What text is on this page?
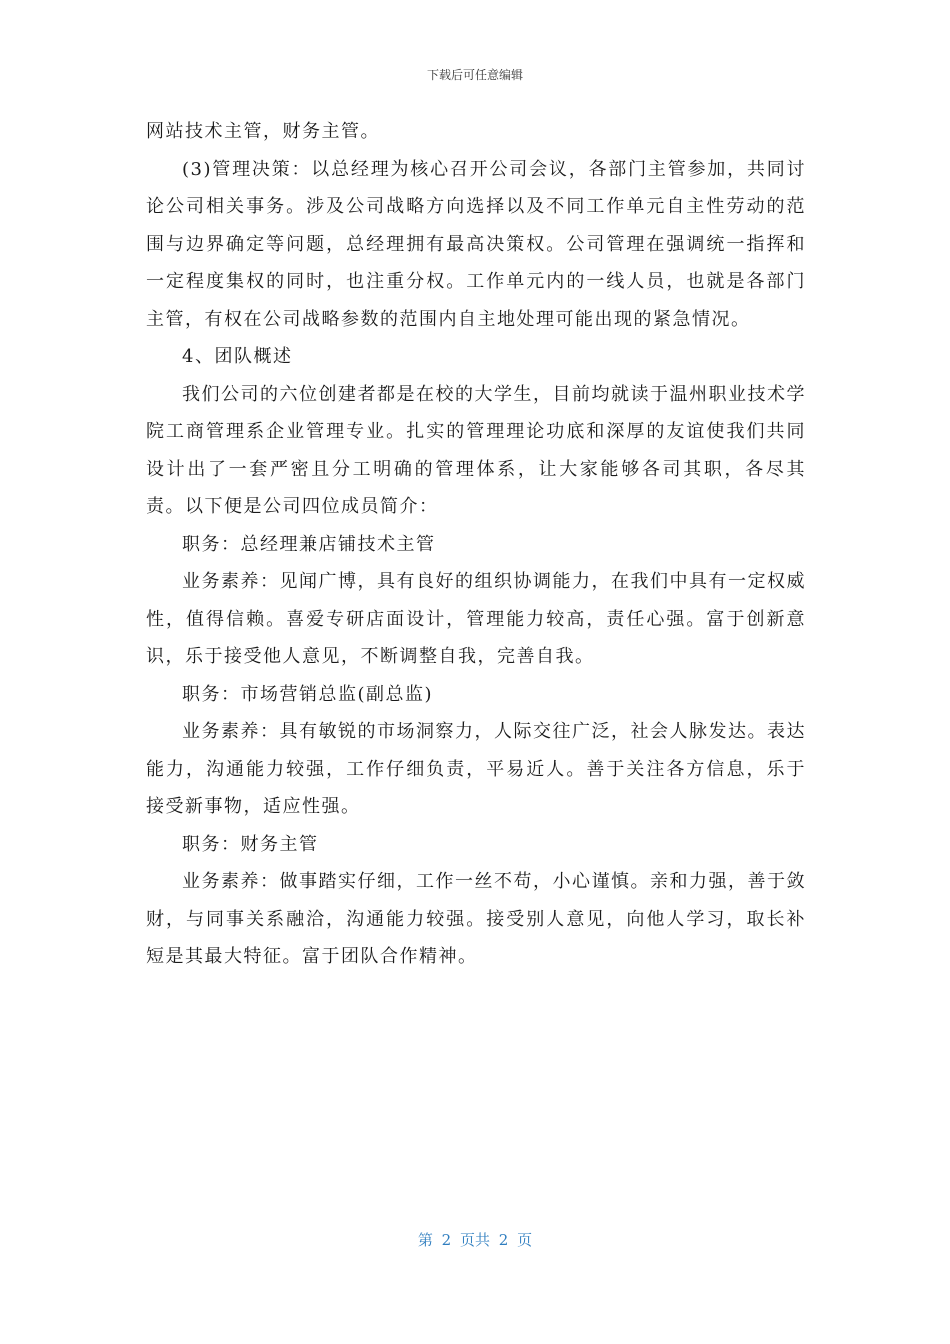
下载后可任意编辑

网站技术主管，财务主管。

(3)管理决策：以总经理为核心召开公司会议，各部门主管参加，共同讨论公司相关事务。涉及公司战略方向选择以及不同工作单元自主性劳动的范围与边界确定等问题，总经理拥有最高决策权。公司管理在强调统一指挥和一定程度集权的同时，也注重分权。工作单元内的一线人员，也就是各部门主管，有权在公司战略参数的范围内自主地处理可能出现的紧急情况。

4、团队概述

我们公司的六位创建者都是在校的大学生，目前均就读于温州职业技术学院工商管理系企业管理专业。扎实的管理理论功底和深厚的友谊使我们共同设计出了一套严密且分工明确的管理体系，让大家能够各司其职，各尽其责。以下便是公司四位成员简介：

职务：总经理兼店铺技术主管

业务素养：见闻广博，具有良好的组织协调能力，在我们中具有一定权威性，值得信赖。喜爱专研店面设计，管理能力较高，责任心强。富于创新意识，乐于接受他人意见，不断调整自我，完善自我。

职务：市场营销总监(副总监)

业务素养：具有敏锐的市场洞察力，人际交往广泛，社会人脉发达。表达能力，沟通能力较强，工作仔细负责，平易近人。善于关注各方信息，乐于接受新事物，适应性强。

职务：财务主管

业务素养：做事踏实仔细，工作一丝不苟，小心谨慎。亲和力强，善于敛财，与同事关系融洽，沟通能力较强。接受别人意见，向他人学习，取长补短是其最大特征。富于团队合作精神。

第 2 页共 2 页
